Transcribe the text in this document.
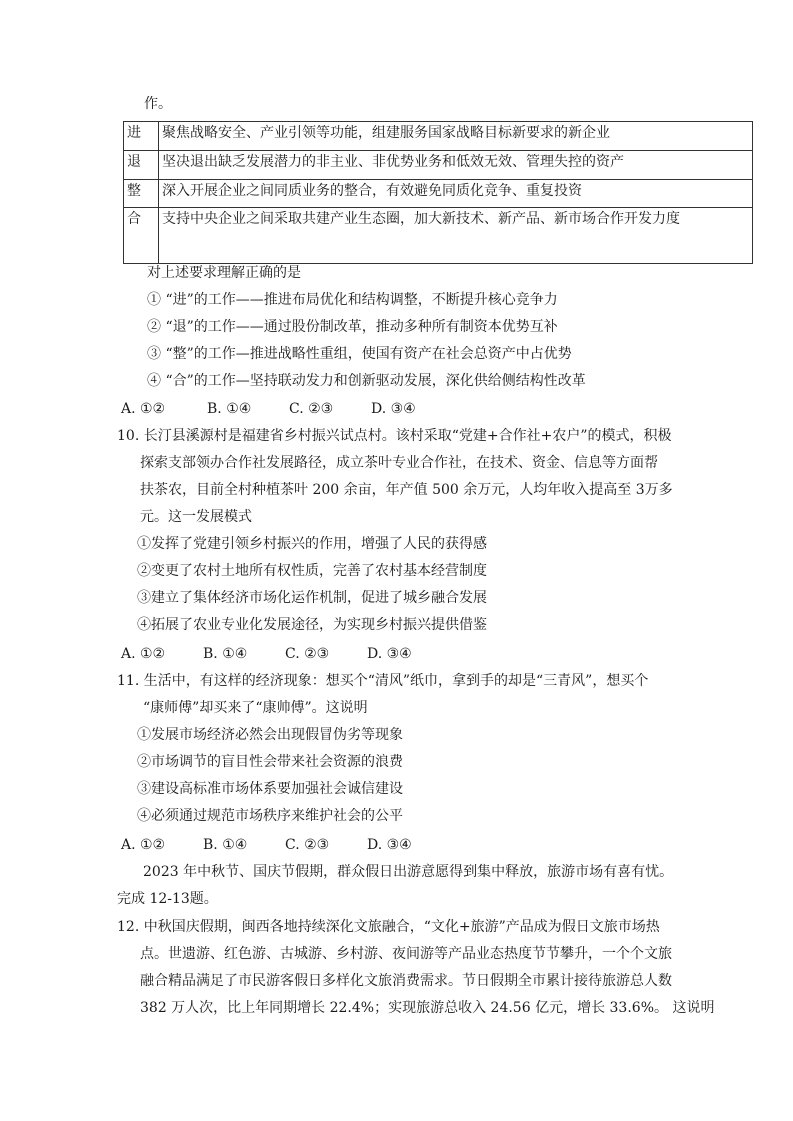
作。
进	聚焦战略安全、产业引领等功能，组建服务国家战略目标新要求的新企业
退	坚决退出缺乏发展潜力的非主业、非优势业务和低效无效、管理失控的资产
整	深入开展企业之间同质业务的整合，有效避免同质化竞争、重复投资
合	支持中央企业之间采取共建产业生态圈，加大新技术、新产品、新市场合作开发力度
对上述要求理解正确的是
① “进”的工作——推进布局优化和结构调整，不断提升核心竞争力
② “退”的工作——通过股份制改革，推动多种所有制资本优势互补
③ “整”的工作—推进战略性重组，使国有资产在社会总资产中占优势
④ “合”的工作—坚持联动发力和创新驱动发展，深化供给侧结构性改革
A. ①②	B. ①④	C. ②③	D. ③④
10. 长汀县溪源村是福建省乡村振兴试点村。该村采取“党建+合作社+农户”的模式，积极
探索支部领办合作社发展路径，成立茶叶专业合作社，在技术、资金、信息等方面帮
扶茶农，目前全村种植茶叶 200 余亩，年产值 500 余万元，人均年收入提高至 3万多
元。这一发展模式
①发挥了党建引领乡村振兴的作用，增强了人民的获得感
②变更了农村土地所有权性质，完善了农村基本经营制度
③建立了集体经济市场化运作机制，促进了城乡融合发展
④拓展了农业专业化发展途径，为实现乡村振兴提供借鉴
A. ①②	B. ①④	C. ②③	D. ③④
11. 生活中，有这样的经济现象：想买个“清风”纸巾，拿到手的却是“三青风”，想买个
“康师傅”却买来了“康帅傅”。这说明
①发展市场经济必然会出现假冒伪劣等现象
②市场调节的盲目性会带来社会资源的浪费
③建设高标准市场体系要加强社会诚信建设
④必须通过规范市场秩序来维护社会的公平
A. ①②	B. ①④	C. ②③	D. ③④
2023 年中秋节、国庆节假期，群众假日出游意愿得到集中释放，旅游市场有喜有忧。
完成 12-13题。
12. 中秋国庆假期，闽西各地持续深化文旅融合，“文化+旅游”产品成为假日文旅市场热
点。世遗游、红色游、古城游、乡村游、夜间游等产品业态热度节节攀升，一个个文旅
融合精品满足了市民游客假日多样化文旅消费需求。节日假期全市累计接待旅游总人数
382 万人次，比上年同期增长 22.4%；实现旅游总收入 24.56 亿元，增长 33.6%。 这说明
